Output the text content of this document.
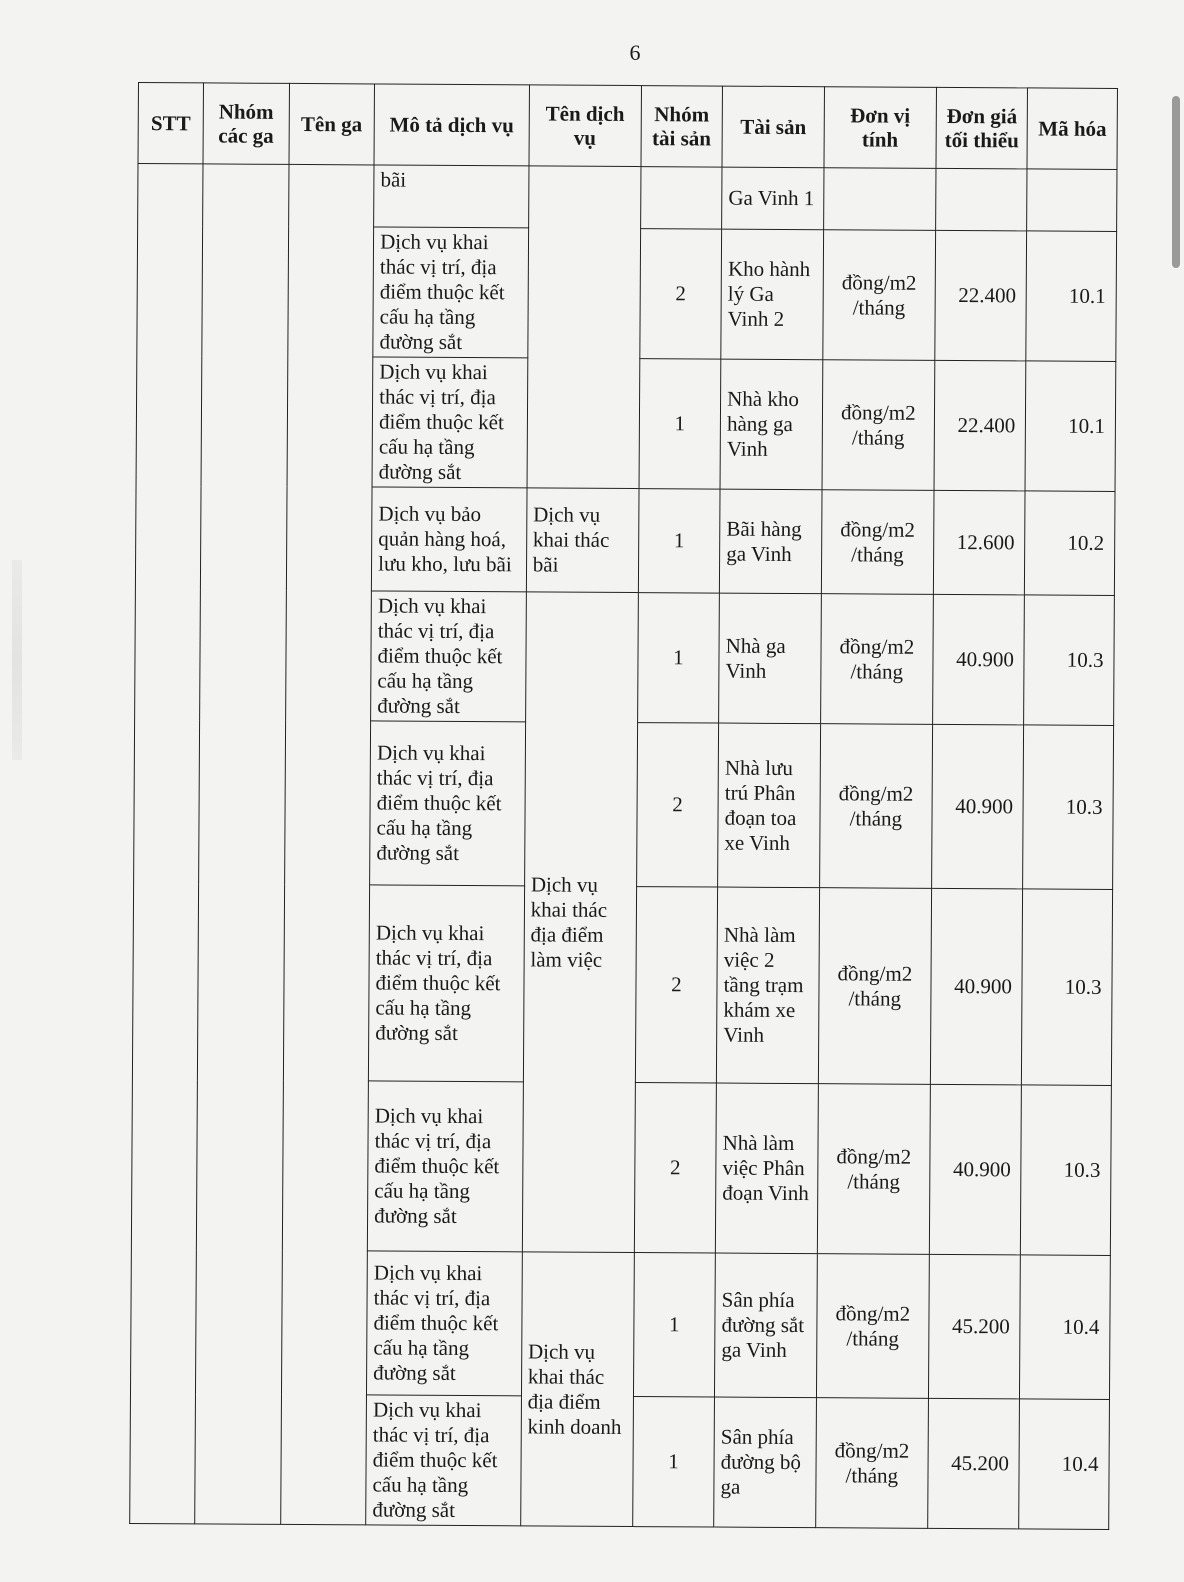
6
STT	Nhóm các ga	Tên ga	Mô tả dịch vụ	Tên dịch vụ	Nhóm tài sản	Tài sản	Đơn vị tính	Đơn giá tối thiểu	Mã hóa
			bãi			Ga Vinh 1			
			Dịch vụ khai thác vị trí, địa điểm thuộc kết cấu hạ tầng đường sắt		2	Kho hành lý Ga Vinh 2	đồng/m2 /tháng	22.400	10.1
			Dịch vụ khai thác vị trí, địa điểm thuộc kết cấu hạ tầng đường sắt		1	Nhà kho hàng ga Vinh	đồng/m2 /tháng	22.400	10.1
			Dịch vụ bảo quản hàng hoá, lưu kho, lưu bãi	Dịch vụ khai thác bãi	1	Bãi hàng ga Vinh	đồng/m2 /tháng	12.600	10.2
			Dịch vụ khai thác vị trí, địa điểm thuộc kết cấu hạ tầng đường sắt	Dịch vụ khai thác địa điểm làm việc	1	Nhà ga Vinh	đồng/m2 /tháng	40.900	10.3
			Dịch vụ khai thác vị trí, địa điểm thuộc kết cấu hạ tầng đường sắt		2	Nhà lưu trú Phân đoạn toa xe Vinh	đồng/m2 /tháng	40.900	10.3
			Dịch vụ khai thác vị trí, địa điểm thuộc kết cấu hạ tầng đường sắt		2	Nhà làm việc 2 tầng trạm khám xe Vinh	đồng/m2 /tháng	40.900	10.3
			Dịch vụ khai thác vị trí, địa điểm thuộc kết cấu hạ tầng đường sắt		2	Nhà làm việc Phân đoạn Vinh	đồng/m2 /tháng	40.900	10.3
			Dịch vụ khai thác vị trí, địa điểm thuộc kết cấu hạ tầng đường sắt	Dịch vụ khai thác địa điểm kinh doanh	1	Sân phía đường sắt ga Vinh	đồng/m2 /tháng	45.200	10.4
			Dịch vụ khai thác vị trí, địa điểm thuộc kết cấu hạ tầng đường sắt		1	Sân phía đường bộ ga	đồng/m2 /tháng	45.200	10.4
